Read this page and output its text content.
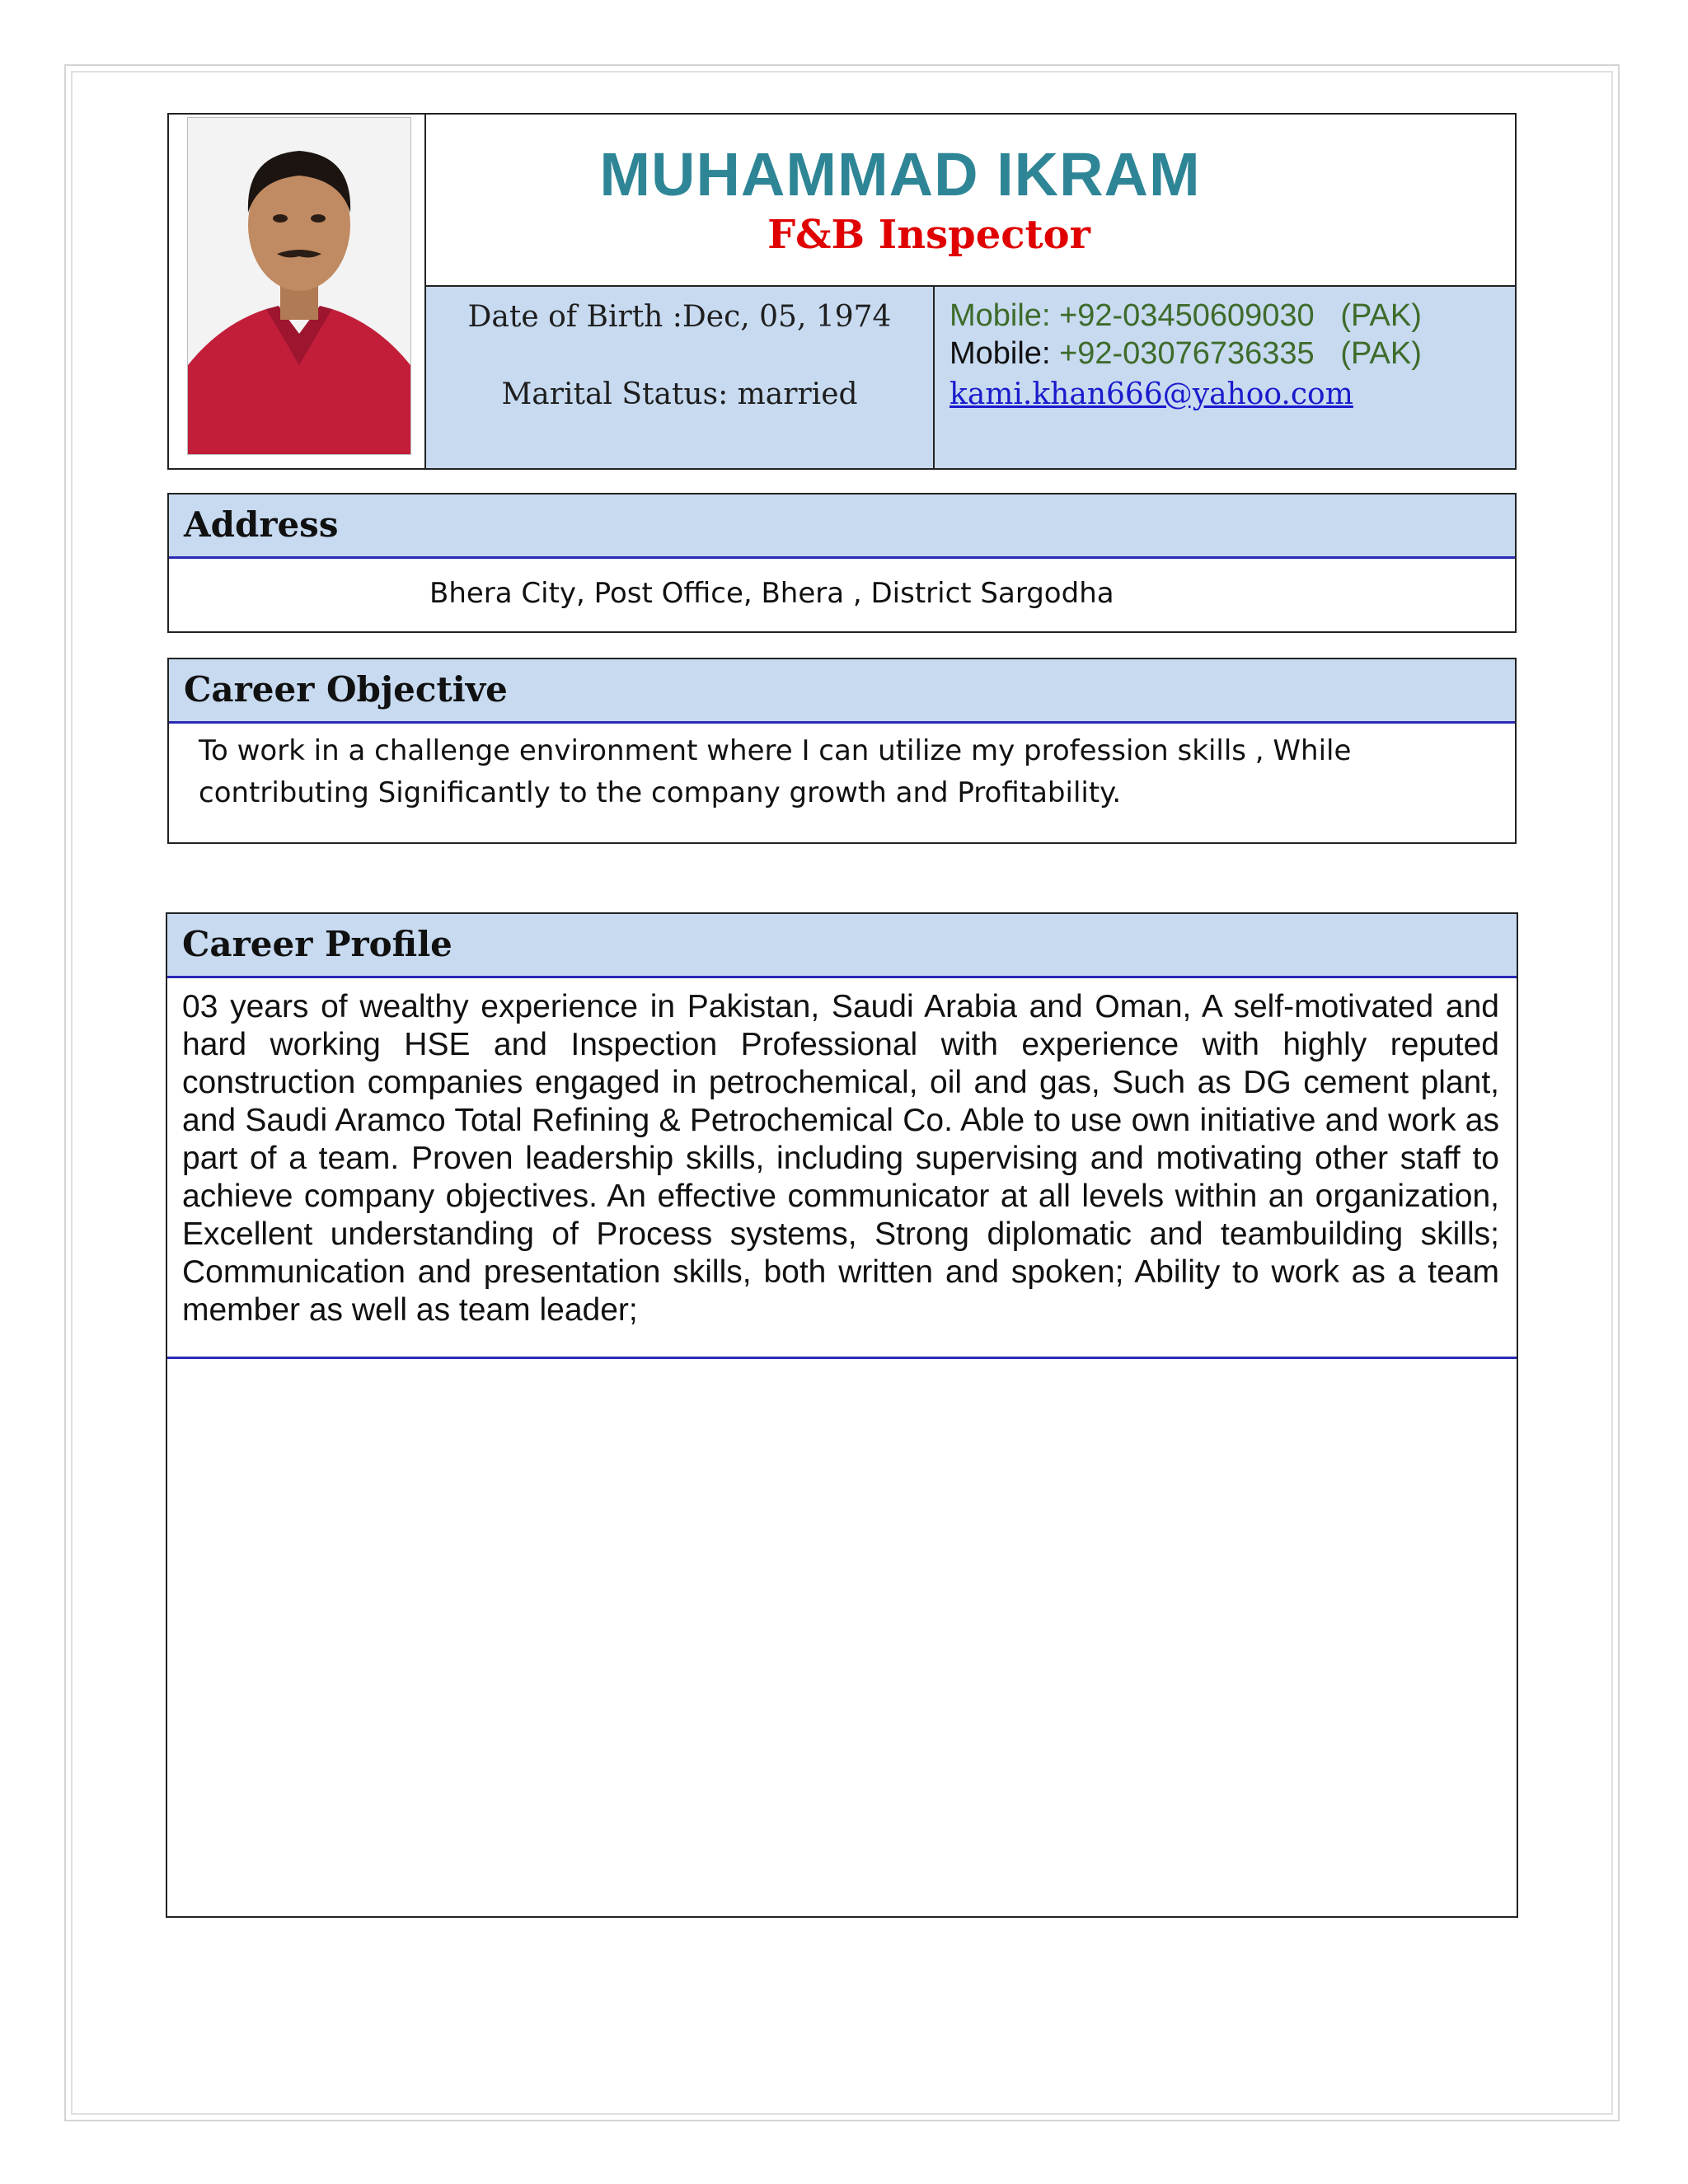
MUHAMMAD IKRAM
F&B Inspector
Date of Birth :Dec, 05, 1974
Marital Status: married
Mobile: +92-03450609030   (PAK)
Mobile: +92-03076736335   (PAK)
kami.khan666@yahoo.com
Address
Bhera City, Post Office, Bhera , District Sargodha
Career Objective
To work in a challenge environment where I can utilize my profession skills , While contributing Significantly to the company growth and Profitability.
Career Profile
03 years of wealthy experience in Pakistan, Saudi Arabia and Oman, A self-motivated and hard working HSE and Inspection Professional with experience with highly reputed construction companies engaged in petrochemical, oil and gas, Such as DG cement plant, and Saudi Aramco Total Refining & Petrochemical Co. Able to use own initiative and work as part of a team. Proven leadership skills, including supervising and motivating other staff to achieve company objectives. An effective communicator at all levels within an organization, Excellent understanding of Process systems, Strong diplomatic and teambuilding skills; Communication and presentation skills, both written and spoken; Ability to work as a team member as well as team leader;
